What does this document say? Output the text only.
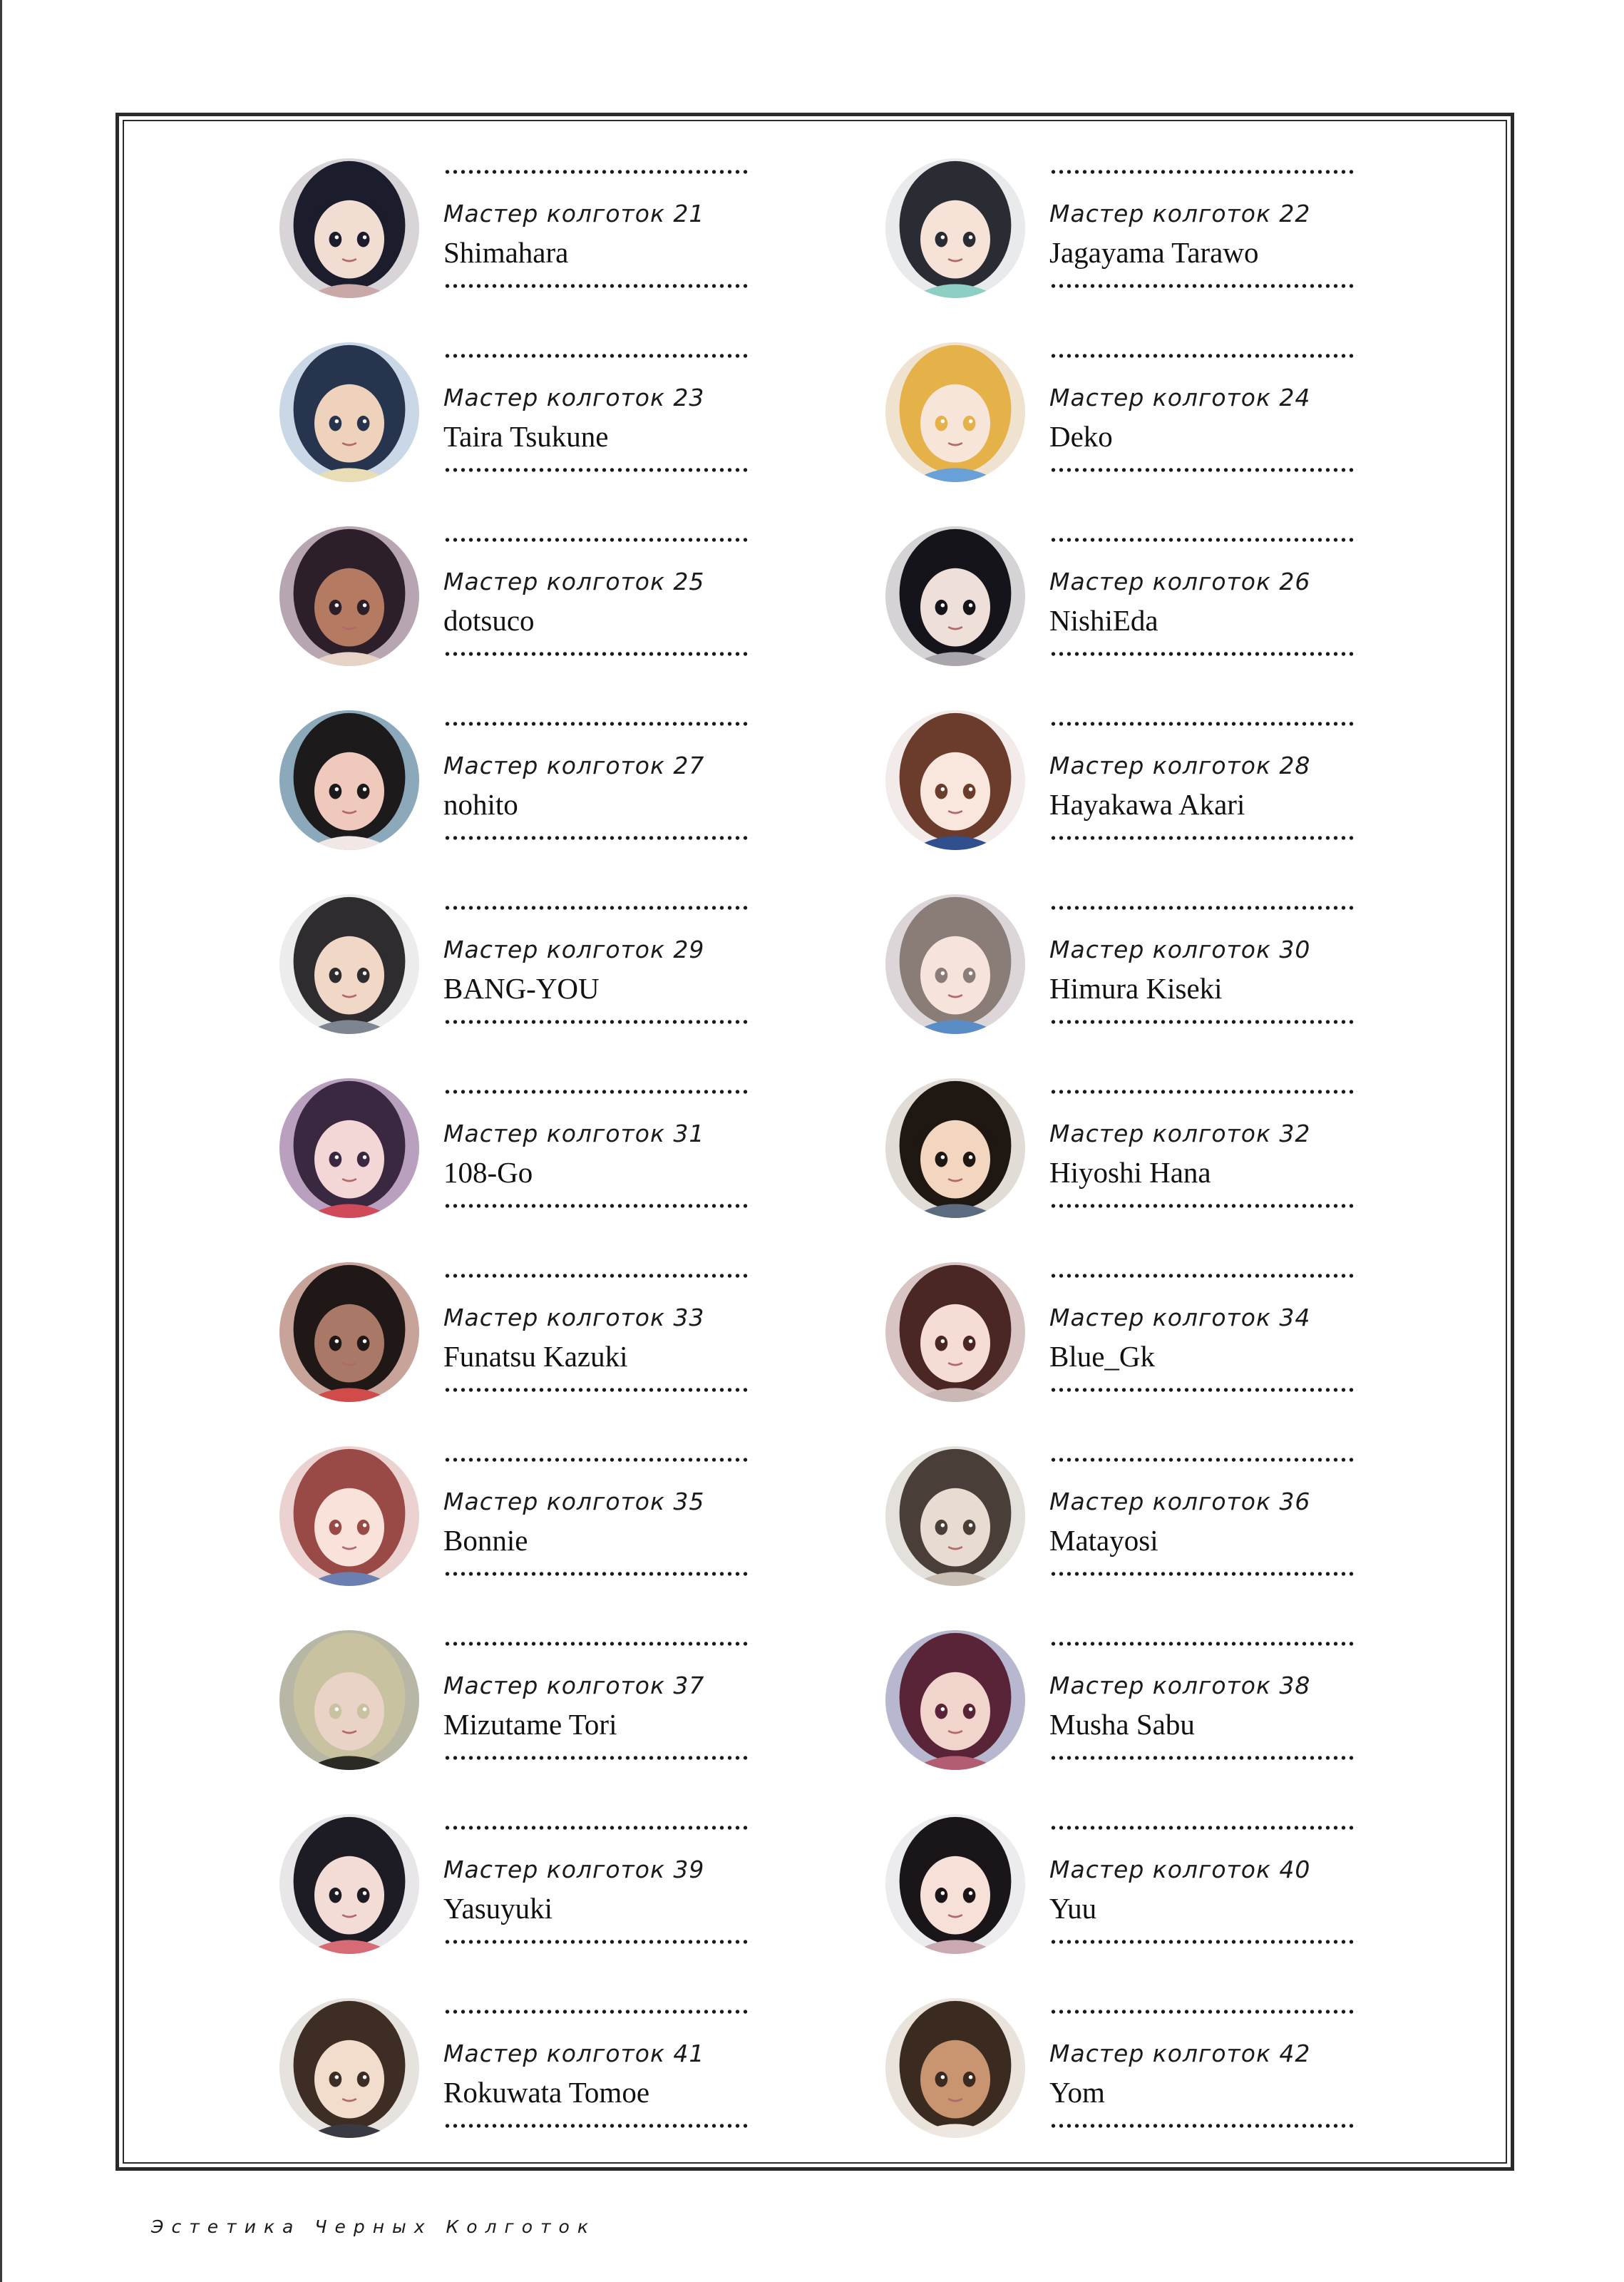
Мастер колготок 21
Shimahara
Мастер колготок 22
Jagayama Tarawo
Мастер колготок 23
Taira Tsukune
Мастер колготок 24
Deko
Мастер колготок 25
dotsuco
Мастер колготок 26
NishiEda
Мастер колготок 27
nohito
Мастер колготок 28
Hayakawa Akari
Мастер колготок 29
BANG-YOU
Мастер колготок 30
Himura Kiseki
Мастер колготок 31
108-Go
Мастер колготок 32
Hiyoshi Hana
Мастер колготок 33
Funatsu Kazuki
Мастер колготок 34
Blue_Gk
Мастер колготок 35
Bonnie
Мастер колготок 36
Matayosi
Мастер колготок 37
Mizutame Tori
Мастер колготок 38
Musha Sabu
Мастер колготок 39
Yasuyuki
Мастер колготок 40
Yuu
Мастер колготок 41
Rokuwata Tomoe
Мастер колготок 42
Yom
Эстетика Черных Колготок
